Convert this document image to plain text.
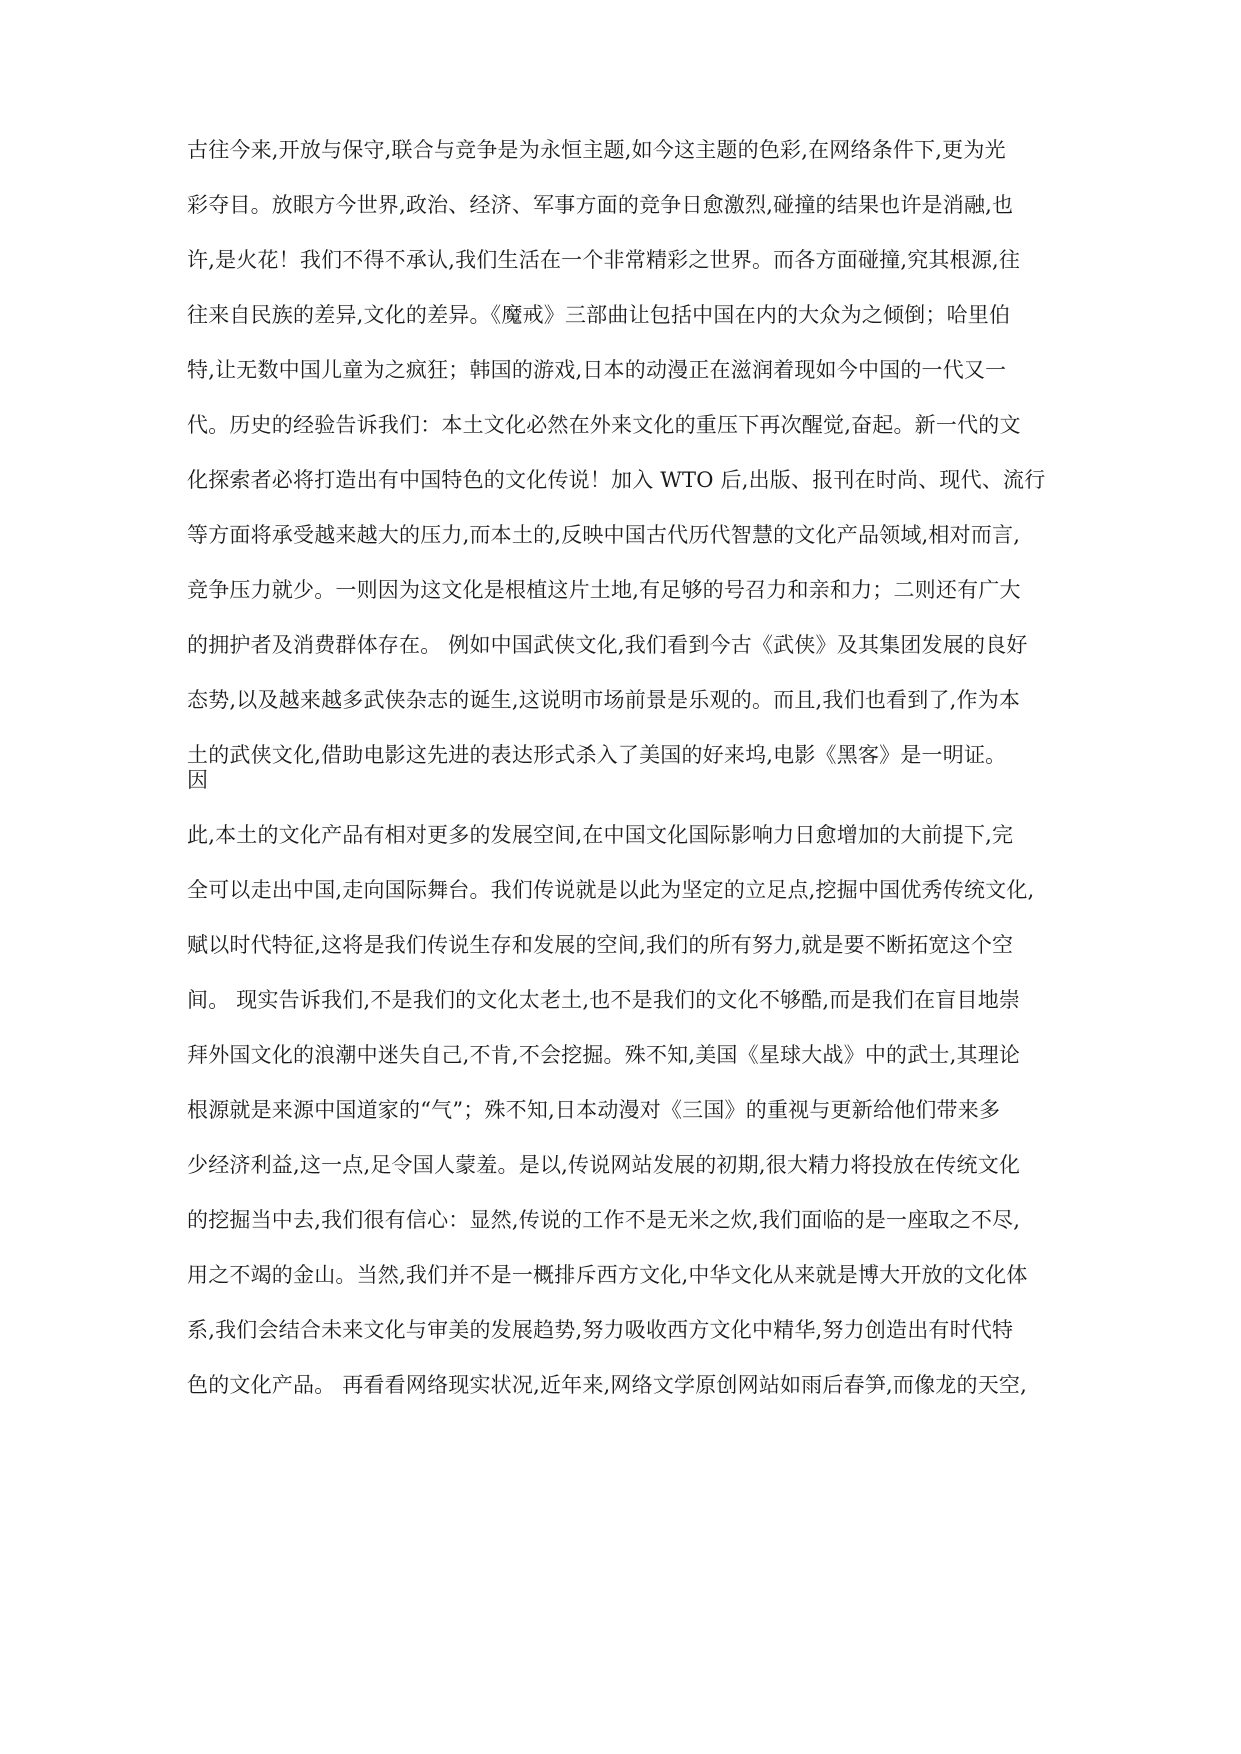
古往今来,开放与保守,联合与竞争是为永恒主题,如今这主题的色彩,在网络条件下,更为光
彩夺目。放眼方今世界,政治、经济、军事方面的竞争日愈激烈,碰撞的结果也许是消融,也
许,是火花！我们不得不承认,我们生活在一个非常精彩之世界。而各方面碰撞,究其根源,往
往来自民族的差异,文化的差异。《魔戒》三部曲让包括中国在内的大众为之倾倒；哈里伯
特,让无数中国儿童为之疯狂；韩国的游戏,日本的动漫正在滋润着现如今中国的一代又一
代。历史的经验告诉我们：本土文化必然在外来文化的重压下再次醒觉,奋起。新一代的文
化探索者必将打造出有中国特色的文化传说！加入 WTO 后,出版、报刊在时尚、现代、流行
等方面将承受越来越大的压力,而本土的,反映中国古代历代智慧的文化产品领域,相对而言,
竞争压力就少。一则因为这文化是根植这片土地,有足够的号召力和亲和力；二则还有广大
的拥护者及消费群体存在。 例如中国武侠文化,我们看到今古《武侠》及其集团发展的良好
态势,以及越来越多武侠杂志的诞生,这说明市场前景是乐观的。而且,我们也看到了,作为本
土的武侠文化,借助电影这先进的表达形式杀入了美国的好来坞,电影《黑客》是一明证。
因
此,本土的文化产品有相对更多的发展空间,在中国文化国际影响力日愈增加的大前提下,完
全可以走出中国,走向国际舞台。我们传说就是以此为坚定的立足点,挖掘中国优秀传统文化,
赋以时代特征,这将是我们传说生存和发展的空间,我们的所有努力,就是要不断拓宽这个空
间。 现实告诉我们,不是我们的文化太老土,也不是我们的文化不够酷,而是我们在盲目地崇
拜外国文化的浪潮中迷失自己,不肯,不会挖掘。殊不知,美国《星球大战》中的武士,其理论
根源就是来源中国道家的“气”；殊不知,日本动漫对《三国》的重视与更新给他们带来多
少经济利益,这一点,足令国人蒙羞。是以,传说网站发展的初期,很大精力将投放在传统文化
的挖掘当中去,我们很有信心：显然,传说的工作不是无米之炊,我们面临的是一座取之不尽,
用之不竭的金山。当然,我们并不是一概排斥西方文化,中华文化从来就是博大开放的文化体
系,我们会结合未来文化与审美的发展趋势,努力吸收西方文化中精华,努力创造出有时代特
色的文化产品。 再看看网络现实状况,近年来,网络文学原创网站如雨后春笋,而像龙的天空,
